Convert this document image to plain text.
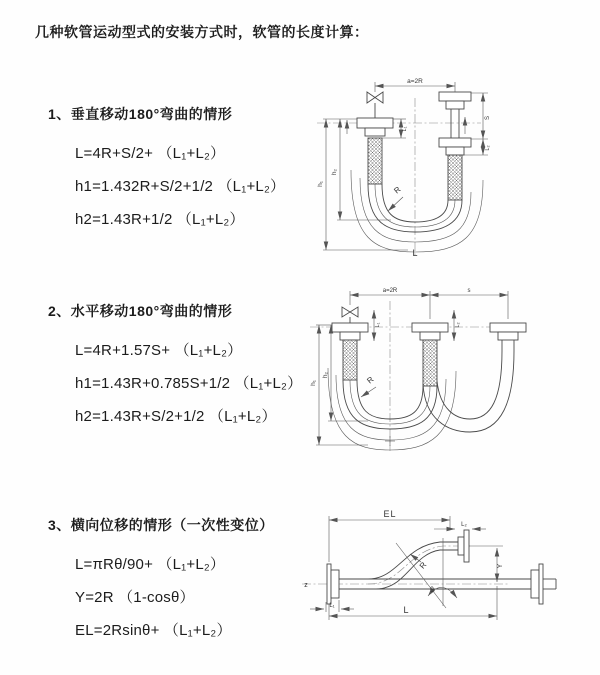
几种软管运动型式的安装方式时，软管的长度计算：
1、垂直移动180°弯曲的情形
L=4R+S/2+ （L₁+L₂）
h1=1.432R+S/2+1/2 （L₁+L₂）
h2=1.43R+1/2 （L₁+L₂）
a=2R
h₁
h₂
L₁
S
L₂
R
L
2、水平移动180°弯曲的情形
L=4R+1.57S+ （L₁+L₂）
h1=1.43R+0.785S+1/2 （L₁+L₂）
h2=1.43R+S/2+1/2 （L₁+L₂）
a=2R	s
h₁
h₂
L₁	L₂
R
3、横向位移的情形（一次性变位）
L=πRθ/90+ （L₁+L₂）
Y=2R （1-cosθ）
EL=2Rsinθ+ （L₁+L₂）
EL
L₂
Y
θ
R
L
L₁
z
